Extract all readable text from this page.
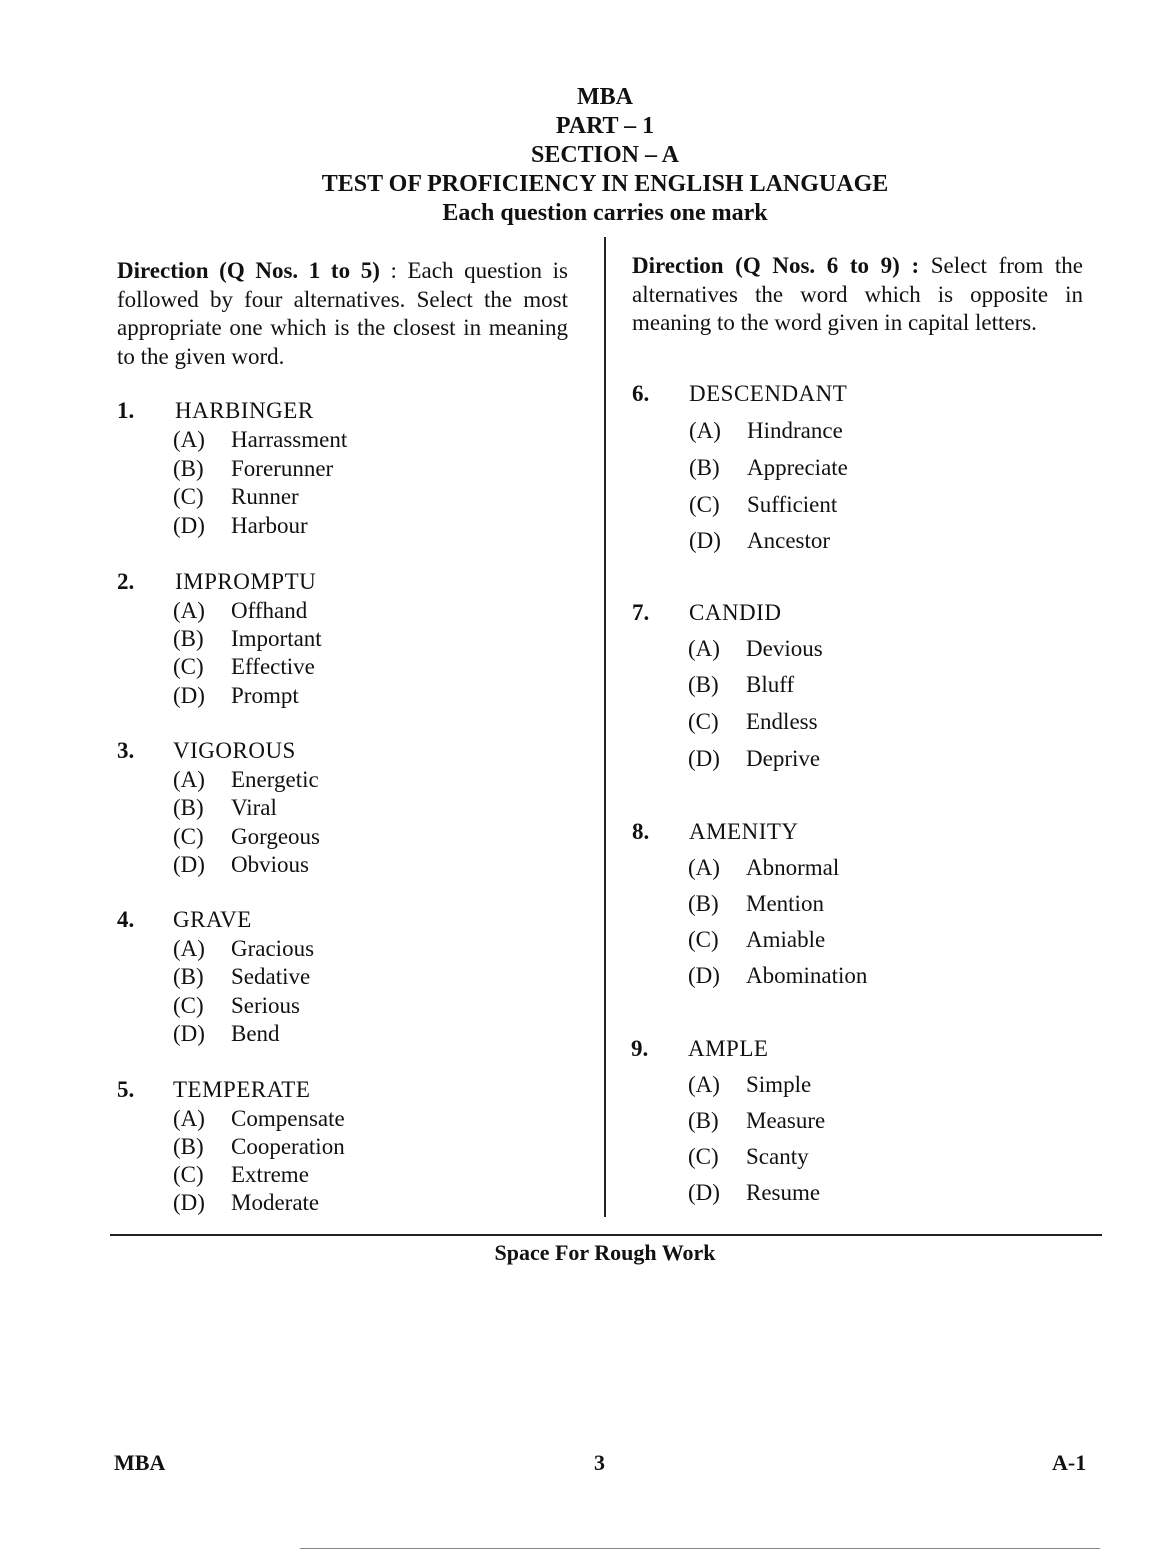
MBA
PART – 1
SECTION – A
TEST OF PROFICIENCY IN ENGLISH LANGUAGE
Each question carries one mark
Direction (Q Nos. 1 to 5) : Each question is followed by four alternatives. Select the most appropriate one which is the closest in meaning to the given word.
Direction (Q Nos. 6 to 9) : Select from the alternatives the word which is opposite in meaning to the word given in capital letters.
1. HARBINGER
(A) Harrassment
(B) Forerunner
(C) Runner
(D) Harbour
2. IMPROMPTU
(A) Offhand
(B) Important
(C) Effective
(D) Prompt
3. VIGOROUS
(A) Energetic
(B) Viral
(C) Gorgeous
(D) Obvious
4. GRAVE
(A) Gracious
(B) Sedative
(C) Serious
(D) Bend
5. TEMPERATE
(A) Compensate
(B) Cooperation
(C) Extreme
(D) Moderate
6. DESCENDANT
(A) Hindrance
(B) Appreciate
(C) Sufficient
(D) Ancestor
7. CANDID
(A) Devious
(B) Bluff
(C) Endless
(D) Deprive
8. AMENITY
(A) Abnormal
(B) Mention
(C) Amiable
(D) Abomination
9. AMPLE
(A) Simple
(B) Measure
(C) Scanty
(D) Resume
Space For Rough Work
MBA	3	A-1
